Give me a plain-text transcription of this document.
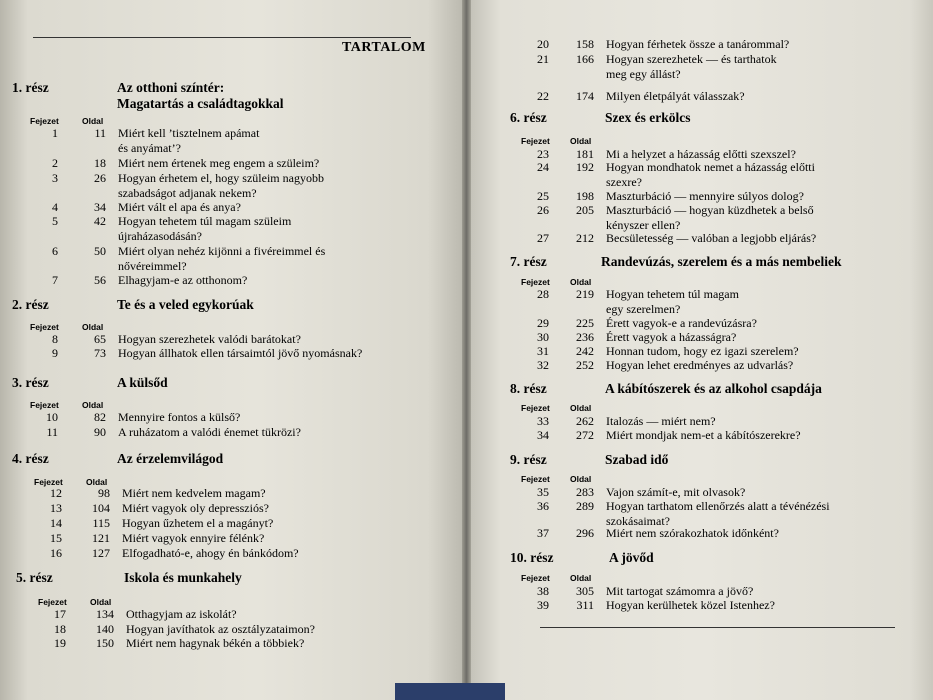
TARTALOM
1. rész	Az otthoni színtér:
Magatartás a családtagokkal
Fejezet	Oldal
1	11 Miért kell ’tisztelnem apámat
és anyámat’?
2	18 Miért nem értenek meg engem a szüleim?
3	26 Hogyan érhetem el, hogy szüleim nagyobb
szabadságot adjanak nekem?
4	34 Miért vált el apa és anya?
5	42 Hogyan tehetem túl magam szüleim
újraházasodásán?
6	50 Miért olyan nehéz kijönni a fivéreimmel és
nővéreimmel?
7	56 Elhagyjam-e az otthonom?
2. rész	Te és a veled egykorúak
Fejezet	Oldal
8	65 Hogyan szerezhetek valódi barátokat?
9	73 Hogyan állhatok ellen társaimtól jövő nyomásnak?
3. rész	A külsőd
Fejezet	Oldal
10	82 Mennyire fontos a külső?
11	90 A ruházatom a valódi énemet tükrözi?
4. rész	Az érzelemvilágod
Fejezet	Oldal
12	98 Miért nem kedvelem magam?
13	104 Miért vagyok oly depressziós?
14	115 Hogyan űzhetem el a magányt?
15	121 Miért vagyok ennyire félénk?
16	127 Elfogadható-e, ahogy én bánkódom?
5. rész	Iskola és munkahely
Fejezet	Oldal
17	134 Otthagyjam az iskolát?
18	140 Hogyan javíthatok az osztályzataimon?
19	150 Miért nem hagynak békén a többiek?
20	158 Hogyan férhetek össze a tanárommal?
21	166 Hogyan szerezhetek — és tarthatok
meg egy állást?
22	174 Milyen életpályát válasszak?
6. rész	Szex és erkölcs
Fejezet Oldal
23	181 Mi a helyzet a házasság előtti szexszel?
24	192 Hogyan mondhatok nemet a házasság előtti
szexre?
25	198 Maszturbáció — mennyire súlyos dolog?
26	205 Maszturbáció — hogyan küzdhetek a belső
kényszer ellen?
27	212 Becsületesség — valóban a legjobb eljárás?
7. rész	Randevúzás, szerelem és a más nembeliek
Fejezet Oldal
28	219 Hogyan tehetem túl magam
egy szerelmen?
29	225 Érett vagyok-e a randevúzásra?
30	236 Érett vagyok a házasságra?
31	242 Honnan tudom, hogy ez igazi szerelem?
32	252 Hogyan lehet eredményes az udvarlás?
8. rész	A kábítószerek és az alkohol csapdája
Fejezet Oldal
33	262 Italozás — miért nem?
34	272 Miért mondjak nem-et a kábítószerekre?
9. rész	Szabad idő
Fejezet Oldal
35	283 Vajon számít-e, mit olvasok?
36	289 Hogyan tarthatom ellenőrzés alatt a tévénézési
szokásaimat?
37	296 Miért nem szórakozhatok időnként?
10. rész	A jövőd
Fejezet Oldal
38	305 Mit tartogat számomra a jövő?
39	311 Hogyan kerülhetek közel Istenhez?
